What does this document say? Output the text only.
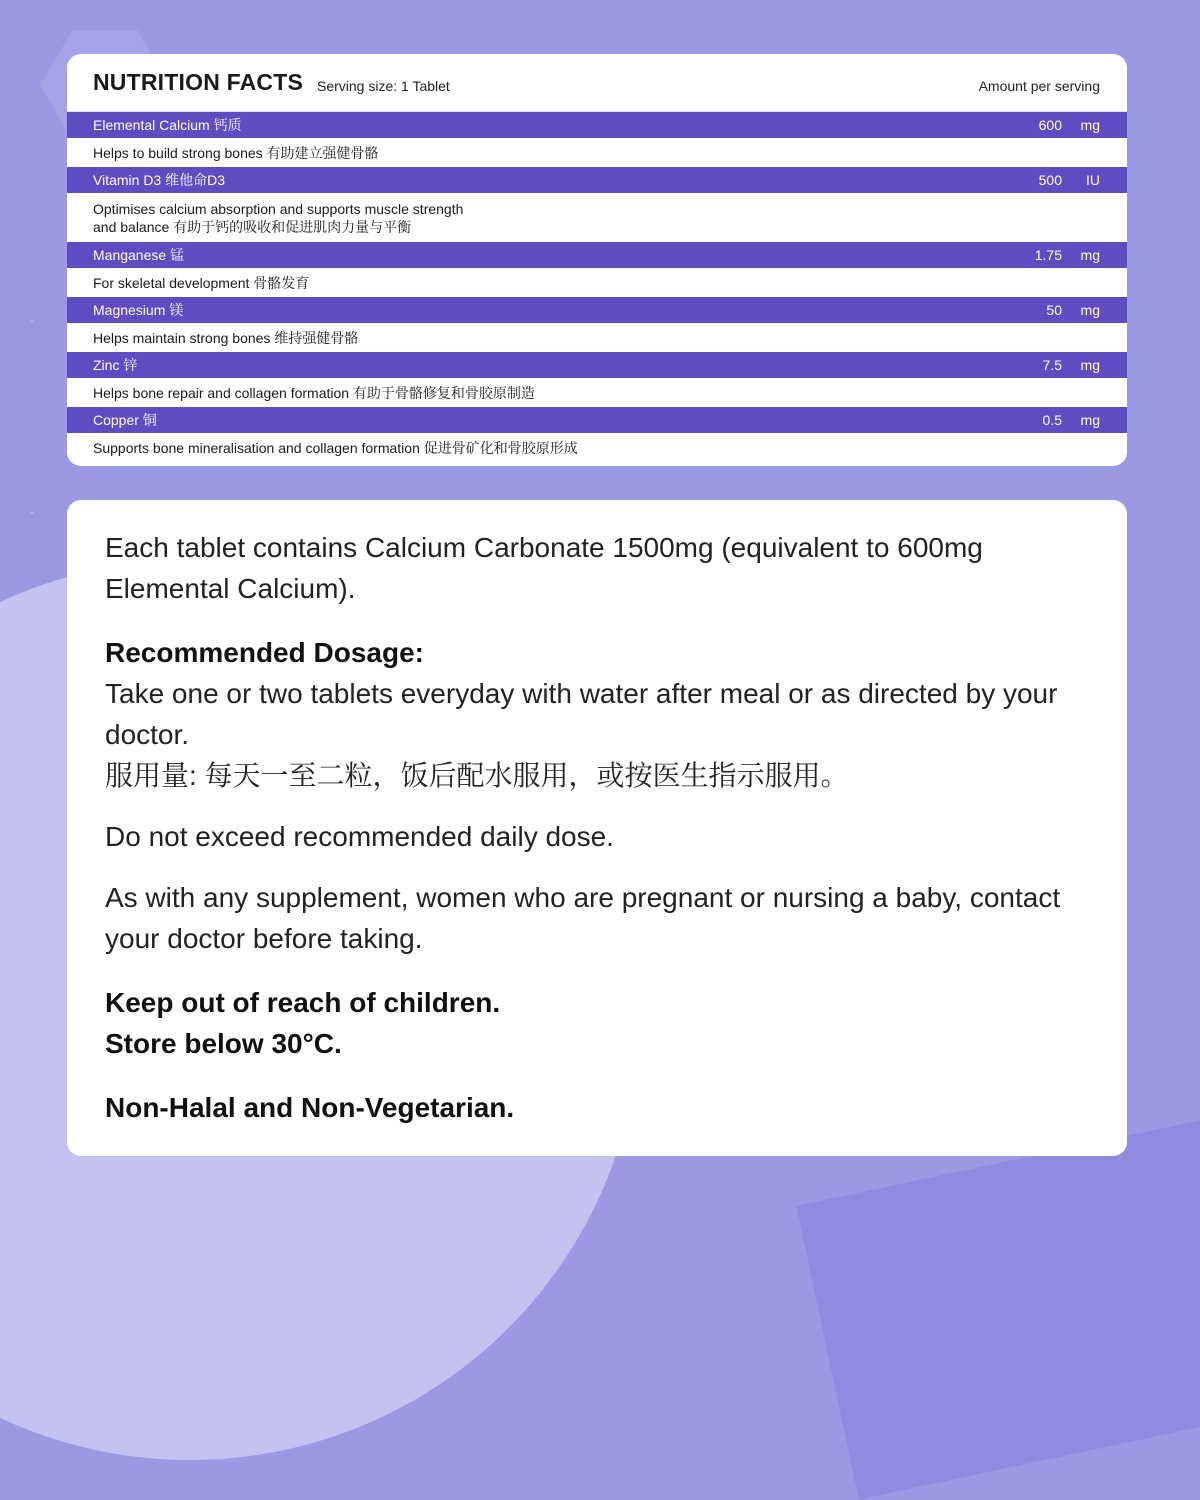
NUTRITION FACTS Serving size: 1 Tablet	Amount per serving
Elemental Calcium 钙质	600	mg
Helps to build strong bones 有助建立强健骨骼
Vitamin D3 维他命D3	500	IU
Optimises calcium absorption and supports muscle strength
and balance 有助于钙的吸收和促进肌肉力量与平衡
Manganese 锰	1.75	mg
For skeletal development 骨骼发育
Magnesium 镁	50	mg
Helps maintain strong bones 维持强健骨骼
Zinc 锌	7.5	mg
Helps bone repair and collagen formation 有助于骨骼修复和骨胶原制造
Copper 铜	0.5	mg
Supports bone mineralisation and collagen formation 促进骨矿化和骨胶原形成

Each tablet contains Calcium Carbonate 1500mg (equivalent to 600mg Elemental Calcium).

Recommended Dosage:

Take one or two tablets everyday with water after meal or as directed by your doctor.

服用量: 每天一至二粒，饭后配水服用，或按医生指示服用。

Do not exceed recommended daily dose.

As with any supplement, women who are pregnant or nursing a baby, contact your doctor before taking.

Keep out of reach of children.

Store below 30°C.

Non-Halal and Non-Vegetarian.
